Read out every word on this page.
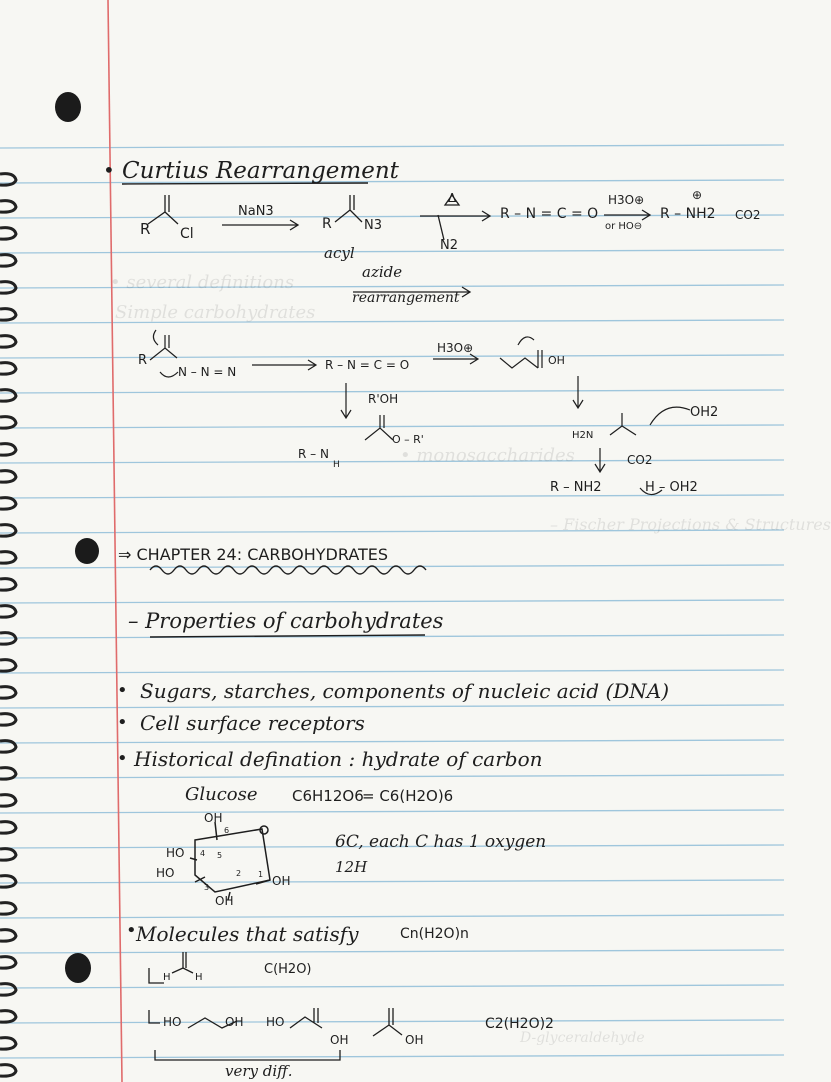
• several definitions
Simple carbohydrates
• monosaccharides
– Fischer Projections & Structures
D-glyceraldehyde
• Curtius Rearrangement
R Cl
NaN3
R N3
acyl
azide
Δ
N2
R – N = C = O
H3O⊕
or HO⊖
R – NH2
⊕
CO2
rearrangement
R
N – N = N	R – N = C = O
H3O⊕
OH
R'OH
R – N
O – R'
H
OH2
H2N
CO2
R – NH2	H – OH2
⇒ CHAPTER 24: CARBOHYDRATES
– Properties of carbohydrates
• Sugars, starches, components of nucleic acid (DNA)
• Cell surface receptors
• Historical defination : hydrate of carbon
Glucose C6H12O6
= C6(H2O)6
6C, each C has 1 oxygen
12H
OH
HO
HO
OH
OH
6
4 5
3
2 1
• Molecules that satisfy	Cn(H2O)n
H H
C(H2O)
HO	OH HO
OH	OH
C2(H2O)2
very diff.
